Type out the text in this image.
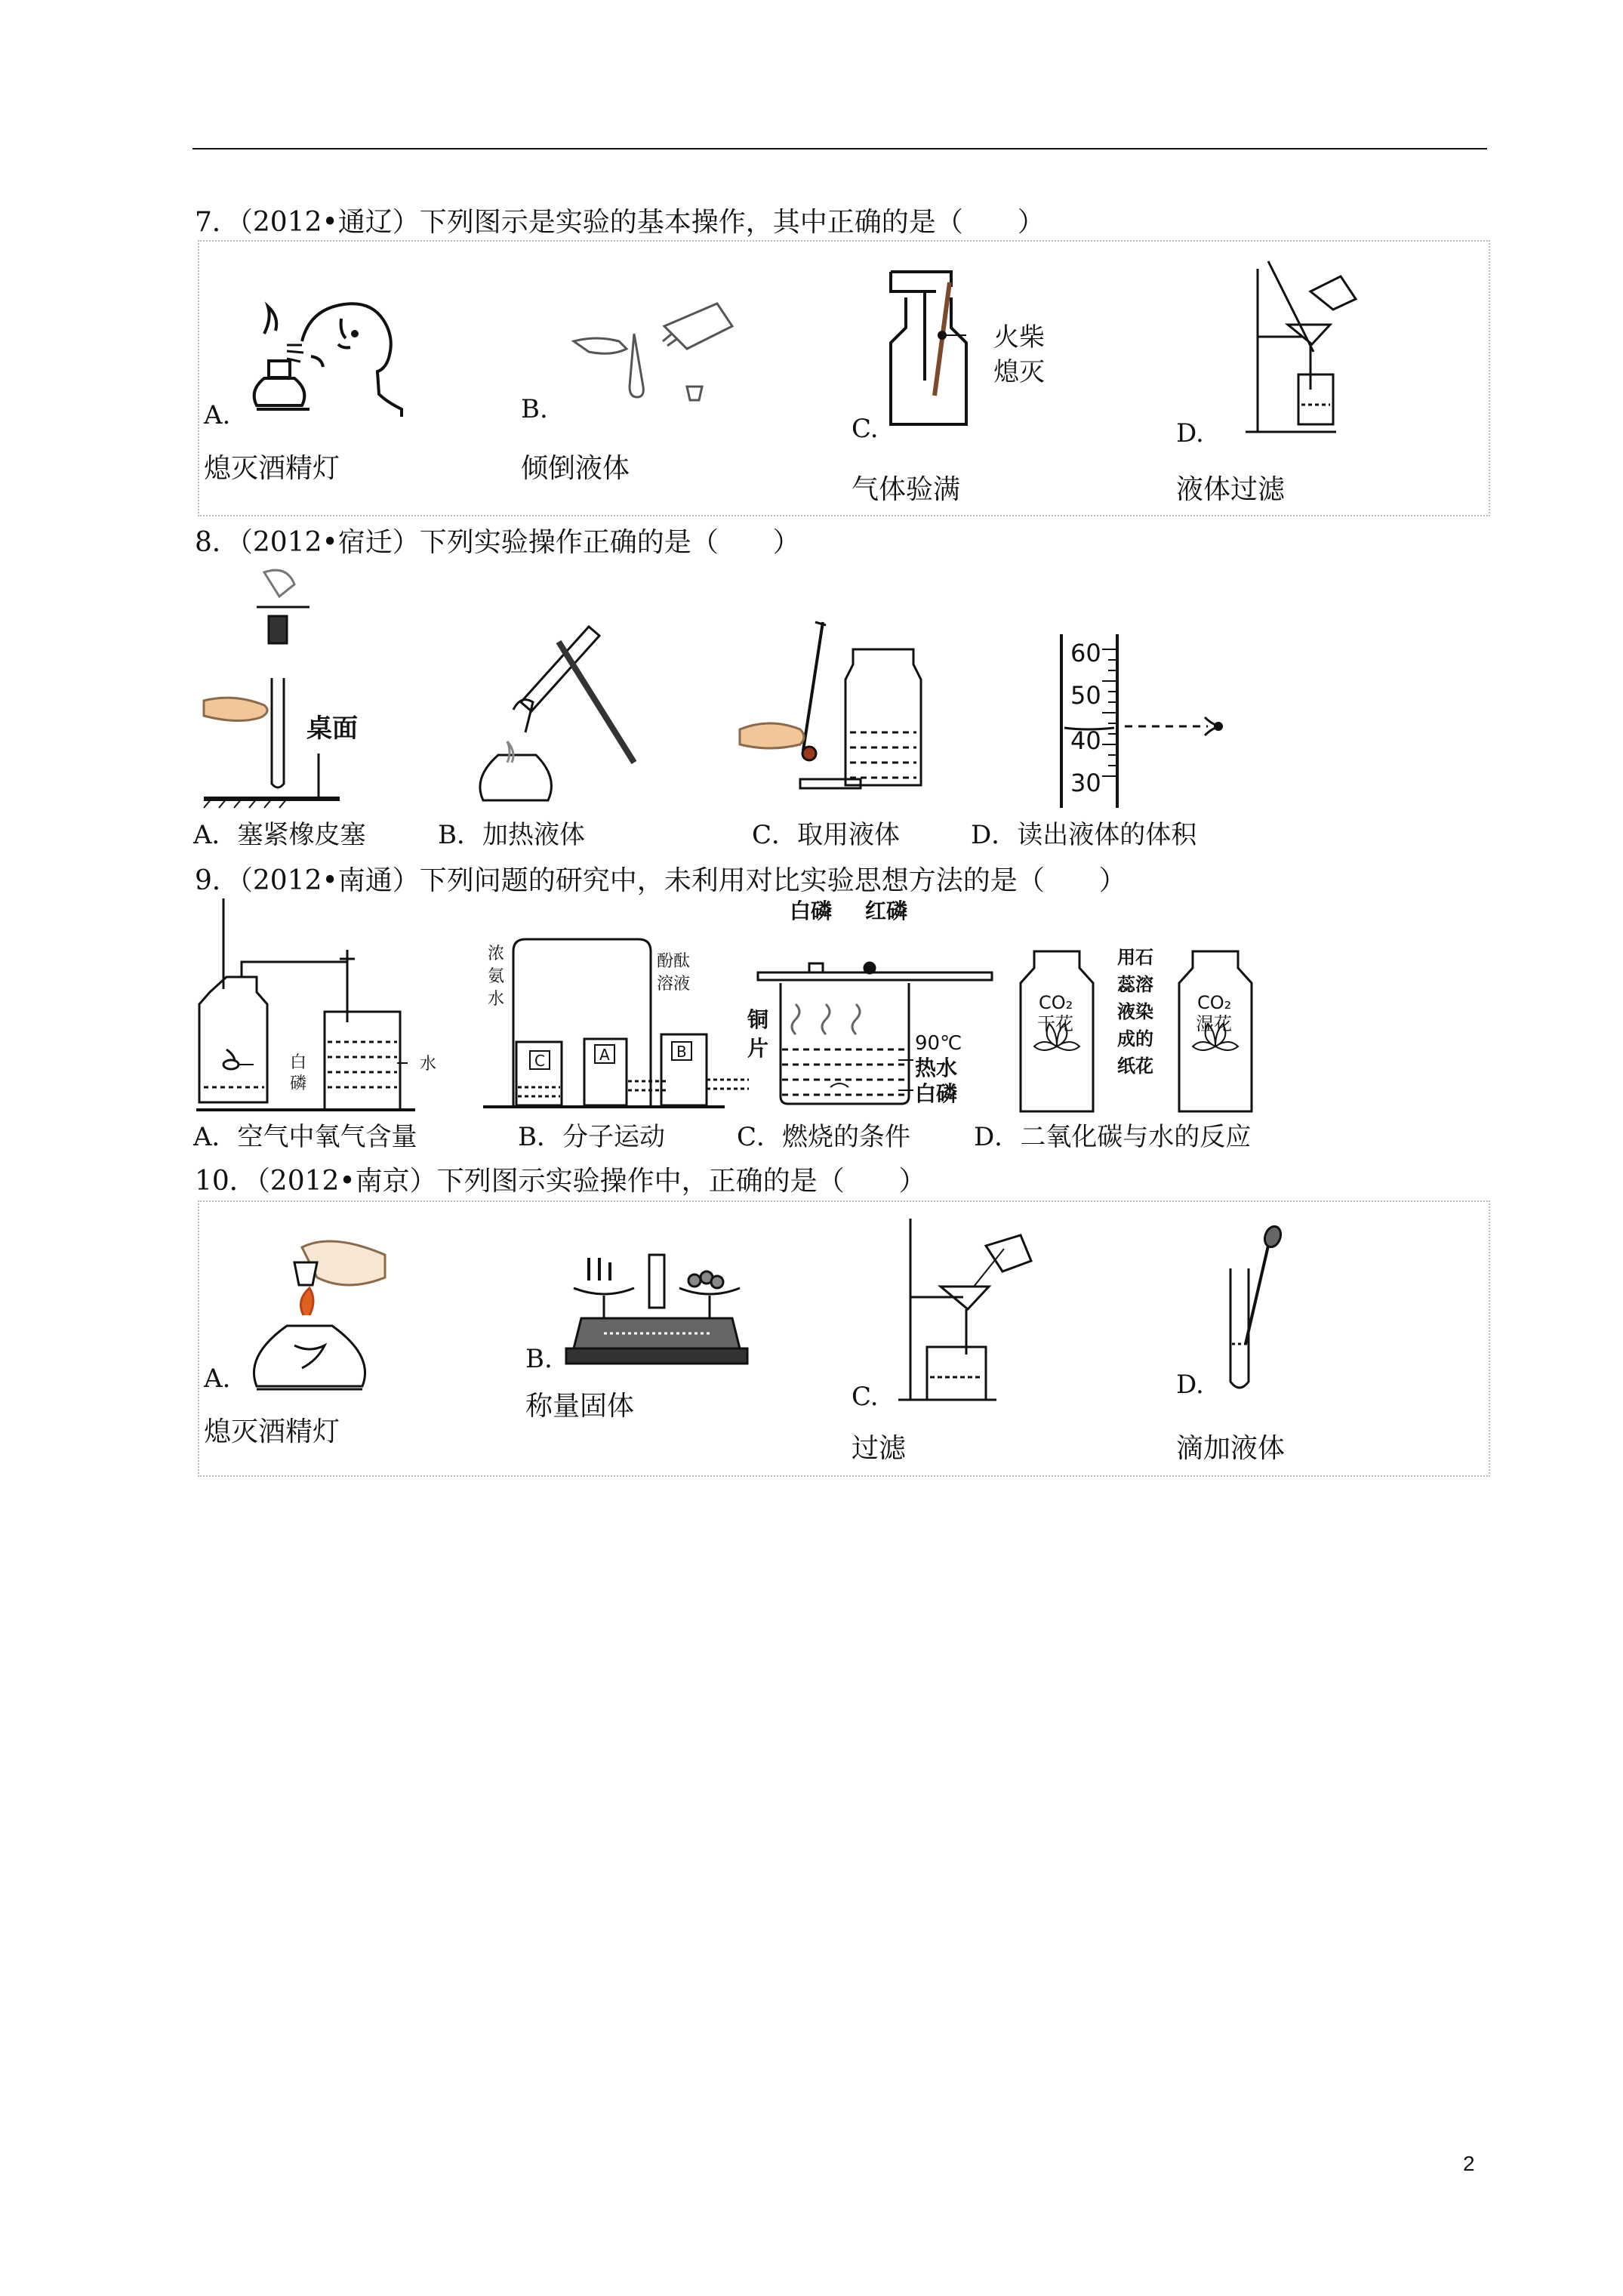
7．（2012•通辽）下列图示是实验的基本操作，其中正确的是（　　）
A.
熄灭酒精灯
B.
倾倒液体
火柴
熄灭
C.
气体验满
D.
液体过滤
8．（2012•宿迁）下列实验操作正确的是（　　）
桌面
A．塞紧橡皮塞	B．加热液体	C．取用液体
60
50
40
30
D．读出液体的体积
9．（2012•南通）下列问题的研究中，未利用对比实验思想方法的是（　　）
白
磷
水
A．空气中氧气含量
浓
氨
水
酚酞
溶液
C	A	B
B．分子运动
白磷 红磷
铜
片	90℃
热水
白磷
C．燃烧的条件
CO₂
干花
用石
蕊溶
液染
成的
纸花
CO₂
湿花
D．二氧化碳与水的反应
10．（2012•南京）下列图示实验操作中，正确的是（　　）
A.
熄灭酒精灯
B.
称量固体	C.
过滤
D.
滴加液体
2
